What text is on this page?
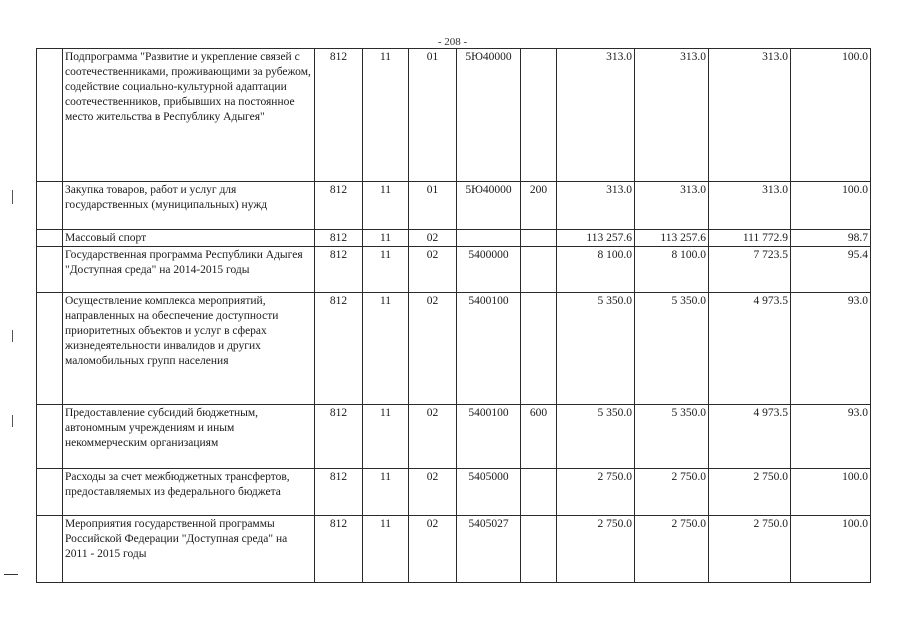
- 208 -
	Подпрограмма "Развитие и укрепление связей с соотечественниками, проживающими за рубежом, содействие социально-культурной адаптации соотечественников, прибывших на постоянное место жительства в Республику Адыгея"	812	11	01	5Ю40000		313.0	313.0	313.0	100.0
	Закупка товаров, работ и услуг для государственных (муниципальных) нужд	812	11	01	5Ю40000	200	313.0	313.0	313.0	100.0
	Массовый спорт	812	11	02			113 257.6	113 257.6	111 772.9	98.7
	Государственная программа Республики Адыгея "Доступная среда" на 2014-2015 годы	812	11	02	5400000		8 100.0	8 100.0	7 723.5	95.4
	Осуществление комплекса мероприятий, направленных на обеспечение доступности приоритетных объектов и услуг в сферах жизнедеятельности инвалидов и других маломобильных групп населения	812	11	02	5400100		5 350.0	5 350.0	4 973.5	93.0
	Предоставление субсидий бюджетным, автономным учреждениям и иным некоммерческим организациям	812	11	02	5400100	600	5 350.0	5 350.0	4 973.5	93.0
	Расходы за счет межбюджетных трансфертов, предоставляемых из федерального бюджета	812	11	02	5405000		2 750.0	2 750.0	2 750.0	100.0
	Мероприятия государственной программы Российской Федерации "Доступная среда" на 2011 - 2015 годы	812	11	02	5405027		2 750.0	2 750.0	2 750.0	100.0
